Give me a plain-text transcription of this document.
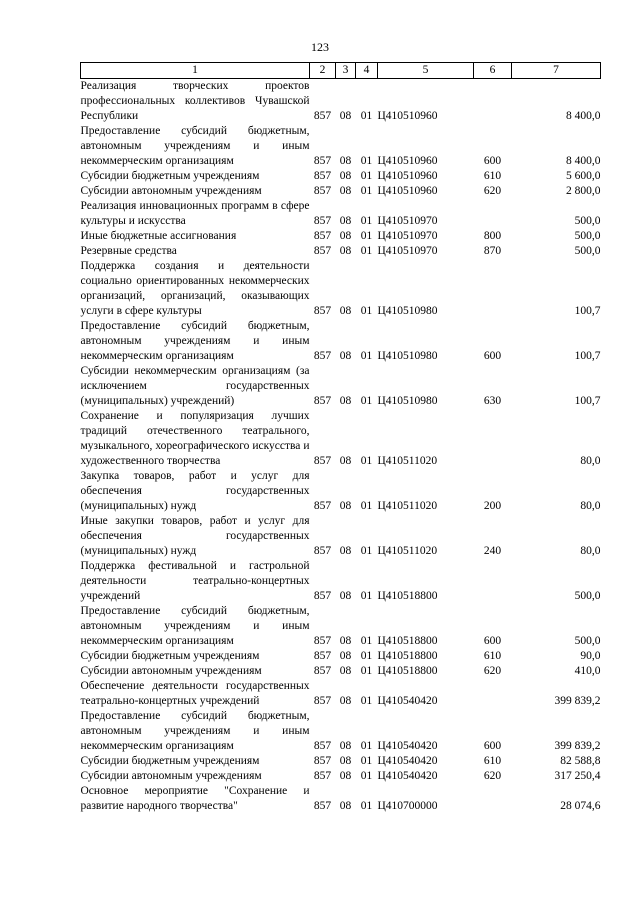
123
1	2	3	4	5	6	7
Реализация творческих проектов профессиональных коллективов Чувашской Республики	857	08	01	Ц410510960		8 400,0
Предоставление субсидий бюджетным, автономным учреждениям и иным некоммерческим организациям	857	08	01	Ц410510960	600	8 400,0
Субсидии бюджетным учреждениям	857	08	01	Ц410510960	610	5 600,0
Субсидии автономным учреждениям	857	08	01	Ц410510960	620	2 800,0
Реализация инновационных программ в сфере культуры и искусства	857	08	01	Ц410510970		500,0
Иные бюджетные ассигнования	857	08	01	Ц410510970	800	500,0
Резервные средства	857	08	01	Ц410510970	870	500,0
Поддержка создания и деятельности социально ориентированных некоммерческих организаций, организаций, оказывающих услуги в сфере культуры	857	08	01	Ц410510980		100,7
Предоставление субсидий бюджетным, автономным учреждениям и иным некоммерческим организациям	857	08	01	Ц410510980	600	100,7
Субсидии некоммерческим организациям (за исключением государственных (муниципальных) учреждений)	857	08	01	Ц410510980	630	100,7
Сохранение и популяризация лучших традиций отечественного театрального, музыкального, хореографического искусства и художественного творчества	857	08	01	Ц410511020		80,0
Закупка товаров, работ и услуг для обеспечения государственных (муниципальных) нужд	857	08	01	Ц410511020	200	80,0
Иные закупки товаров, работ и услуг для обеспечения государственных (муниципальных) нужд	857	08	01	Ц410511020	240	80,0
Поддержка фестивальной и гастрольной деятельности театрально-концертных учреждений	857	08	01	Ц410518800		500,0
Предоставление субсидий бюджетным, автономным учреждениям и иным некоммерческим организациям	857	08	01	Ц410518800	600	500,0
Субсидии бюджетным учреждениям	857	08	01	Ц410518800	610	90,0
Субсидии автономным учреждениям	857	08	01	Ц410518800	620	410,0
Обеспечение деятельности государственных театрально-концертных учреждений	857	08	01	Ц410540420		399 839,2
Предоставление субсидий бюджетным, автономным учреждениям и иным некоммерческим организациям	857	08	01	Ц410540420	600	399 839,2
Субсидии бюджетным учреждениям	857	08	01	Ц410540420	610	82 588,8
Субсидии автономным учреждениям	857	08	01	Ц410540420	620	317 250,4
Основное мероприятие "Сохранение и развитие народного творчества"	857	08	01	Ц410700000		28 074,6
